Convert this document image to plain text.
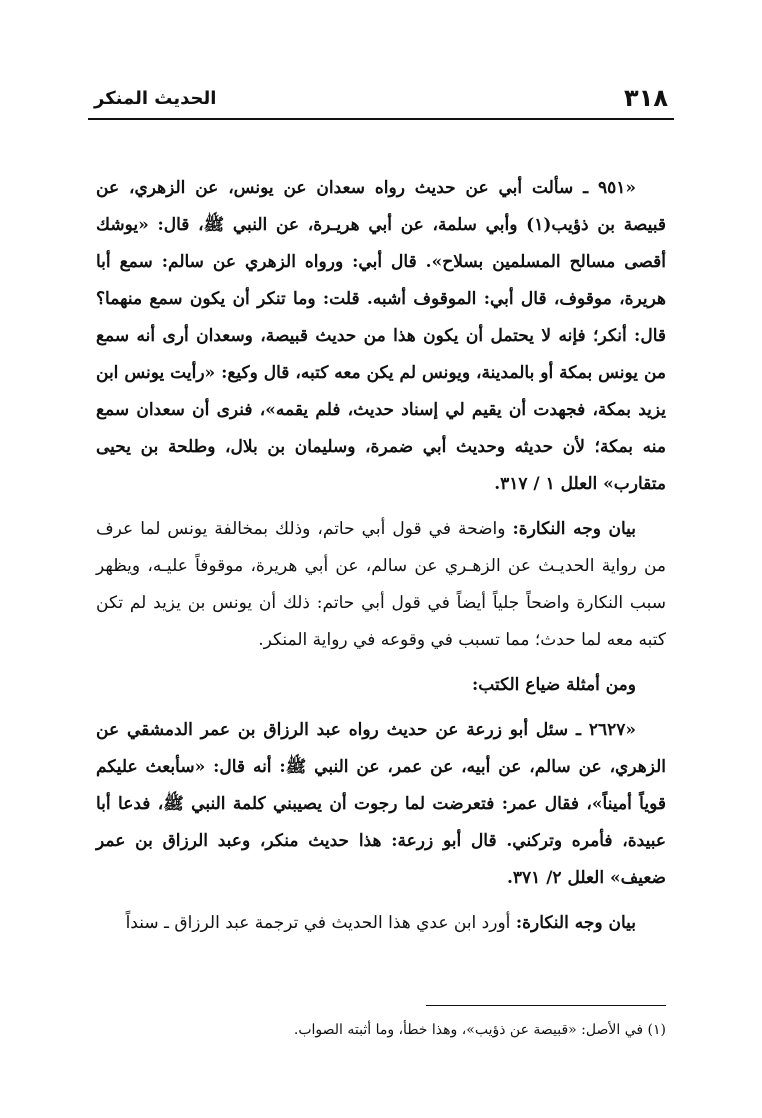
٣١٨
الحديث المنكر

«٩٥١ ـ سألت أبي عن حديث رواه سعدان عن يونس، عن الزهري، عن قبيصة بن ذؤيب(١) وأبي سلمة، عن أبي هريـرة، عن النبي ﷺ، قال: «يوشك أقصى مسالح المسلمين بسلاح». قال أبي: ورواه الزهري عن سالم: سمع أبا هريرة، موقوف، قال أبي: الموقوف أشبه. قلت: وما تنكر أن يكون سمع منهما؟ قال: أنكر؛ فإنه لا يحتمل أن يكون هذا من حديث قبيصة، وسعدان أرى أنه سمع من يونس بمكة أو بالمدينة، ويونس لم يكن معه كتبه، قال وكيع: «رأيت يونس ابن يزيد بمكة، فجهدت أن يقيم لي إسناد حديث، فلم يقمه»، فنرى أن سعدان سمع منه بمكة؛ لأن حديثه وحديث أبي ضمرة، وسليمان بن بلال، وطلحة بن يحيى متقارب» العلل ١ / ٣١٧.

بيان وجه النكارة: واضحة في قول أبي حاتم، وذلك بمخالفة يونس لما عرف من رواية الحديـث عن الزهـري عن سالم، عن أبي هريرة، موقوفاً عليـه، ويظهر سبب النكارة واضحاً جلياً أيضاً في قول أبي حاتم: ذلك أن يونس بن يزيد لم تكن كتبه معه لما حدث؛ مما تسبب في وقوعه في رواية المنكر.

ومن أمثلة ضياع الكتب:

«٢٦٢٧ ـ سئل أبو زرعة عن حديث رواه عبد الرزاق بن عمر الدمشقي عن الزهري، عن سالم، عن أبيه، عن عمر، عن النبي ﷺ: أنه قال: «سأبعث عليكم قوياً أميناً»، فقال عمر: فتعرضت لما رجوت أن يصيبني كلمة النبي ﷺ، فدعا أبا عبيدة، فأمره وتركني. قال أبو زرعة: هذا حديث منكر، وعبد الرزاق بن عمر ضعيف» العلل ٢/ ٣٧١.

بيان وجه النكارة: أورد ابن عدي هذا الحديث في ترجمة عبد الرزاق ـ سنداً

(١) في الأصل: «قبيصة عن ذؤيب»، وهذا خطأ، وما أثبته الصواب.
